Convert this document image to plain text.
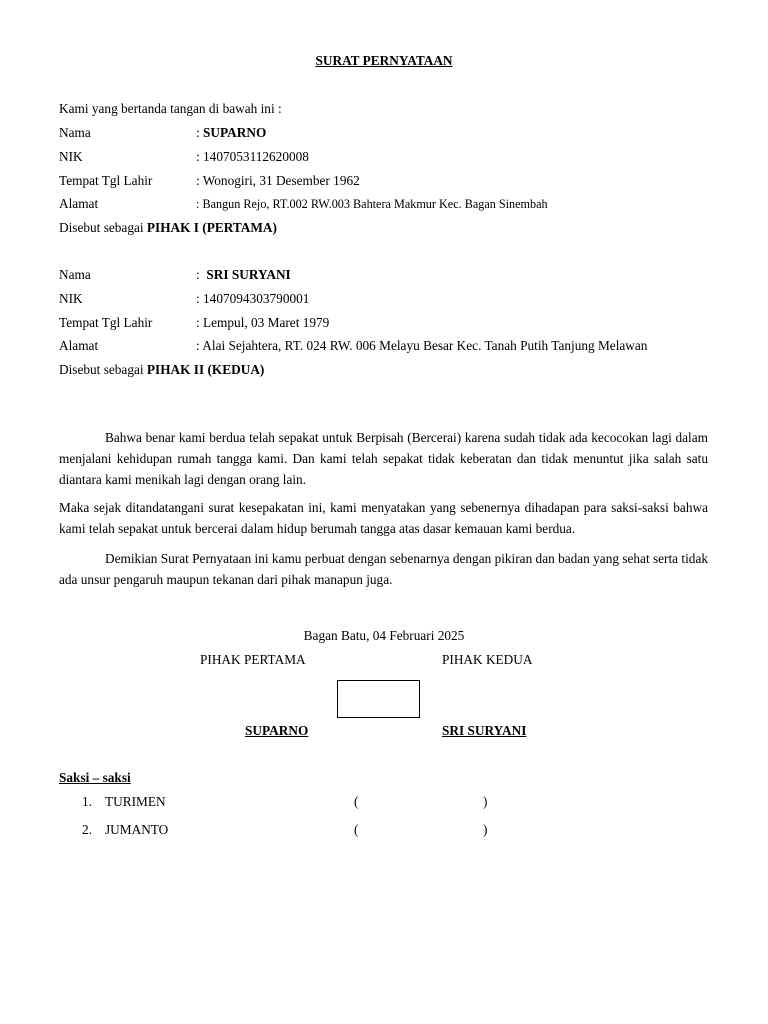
SURAT PERNYATAAN
Kami yang bertanda tangan di bawah ini :
Nama	: SUPARNO
NIK	: 1407053112620008
Tempat Tgl Lahir	: Wonogiri, 31 Desember 1962
Alamat	: Bangun Rejo, RT.002 RW.003 Bahtera Makmur Kec. Bagan Sinembah
Disebut sebagai PIHAK I (PERTAMA)
Nama	:  SRI SURYANI
NIK	: 1407094303790001
Tempat Tgl Lahir	: Lempul, 03 Maret 1979
Alamat	: Alai Sejahtera, RT. 024 RW. 006 Melayu Besar Kec. Tanah Putih Tanjung Melawan
Disebut sebagai PIHAK II (KEDUA)

Bahwa benar kami berdua telah sepakat untuk Berpisah (Bercerai) karena sudah tidak ada kecocokan lagi dalam menjalani kehidupan rumah tangga kami. Dan kami telah sepakat tidak keberatan dan tidak menuntut jika salah satu diantara kami menikah lagi dengan orang lain.

Maka sejak ditandatangani surat kesepakatan ini, kami menyatakan yang sebenernya dihadapan para saksi-saksi bahwa kami telah sepakat untuk bercerai dalam hidup berumah tangga atas dasar kemauan kami berdua.

Demikian Surat Pernyataan ini kamu perbuat dengan sebenarnya dengan pikiran dan badan yang sehat serta tidak ada unsur pengaruh maupun tekanan dari pihak manapun juga.

Bagan Batu, 04 Februari 2025
PIHAK PERTAMA	PIHAK KEDUA
SUPARNO	SRI SURYANI
Saksi – saksi
1. TURIMEN	(	)
2. JUMANTO	(	)
